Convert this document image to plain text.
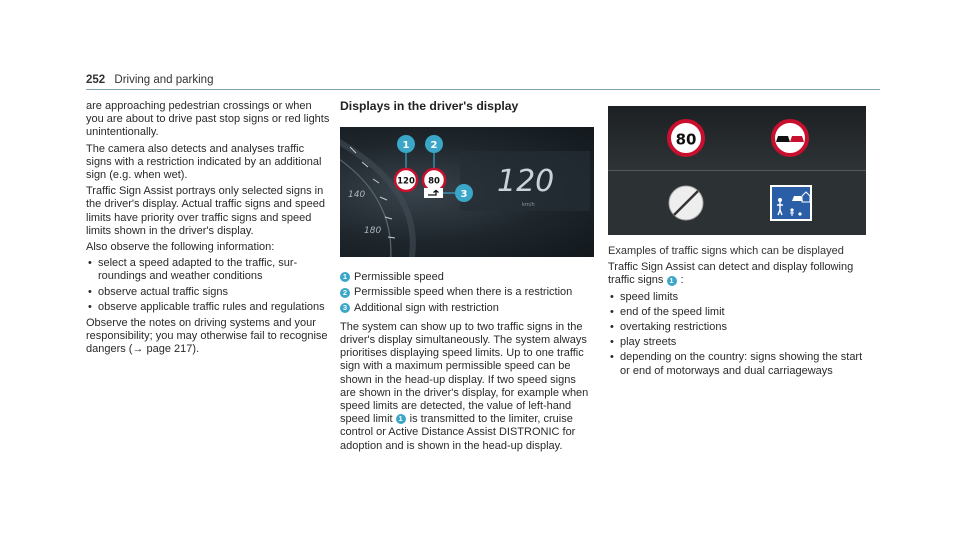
252 Driving and parking

are approaching pedestrian crossings or when you are about to drive past stop signs or red lights unintentionally.

The camera also detects and analyses traffic signs with a restriction indicated by an additional sign (e.g. when wet).

Traffic Sign Assist portrays only selected signs in the driver's display. Actual traffic signs and speed limits have priority over traffic signs and speed limits shown in the driver's display.

Also observe the following information:

• select a speed adapted to the traffic, surroundings and weather conditions
• observe actual traffic signs
• observe applicable traffic rules and regulations

Observe the notes on driving systems and your responsibility; you may otherwise fail to recognise dangers (→ page 217).

Displays in the driver's display
140
180
120
km/h
120 80
1 2
3
1 Permissible speed
2 Permissible speed when there is a restriction
3 Additional sign with restriction

The system can show up to two traffic signs in the driver's display simultaneously. The system always prioritises displaying speed limits. Up to one traffic sign with a maximum permissible speed can be shown in the head-up display. If two speed signs are shown in the driver's display, for example when speed limits are detected, the value of left-hand speed limit 1 is transmitted to the limiter, cruise control or Active Distance Assist DISTRONIC for adoption and is shown in the head-up display.

80

Examples of traffic signs which can be displayed

Traffic Sign Assist can detect and display following traffic signs 1 :

• speed limits
• end of the speed limit
• overtaking restrictions
• play streets
• depending on the country: signs showing the start or end of motorways and dual carriageways
